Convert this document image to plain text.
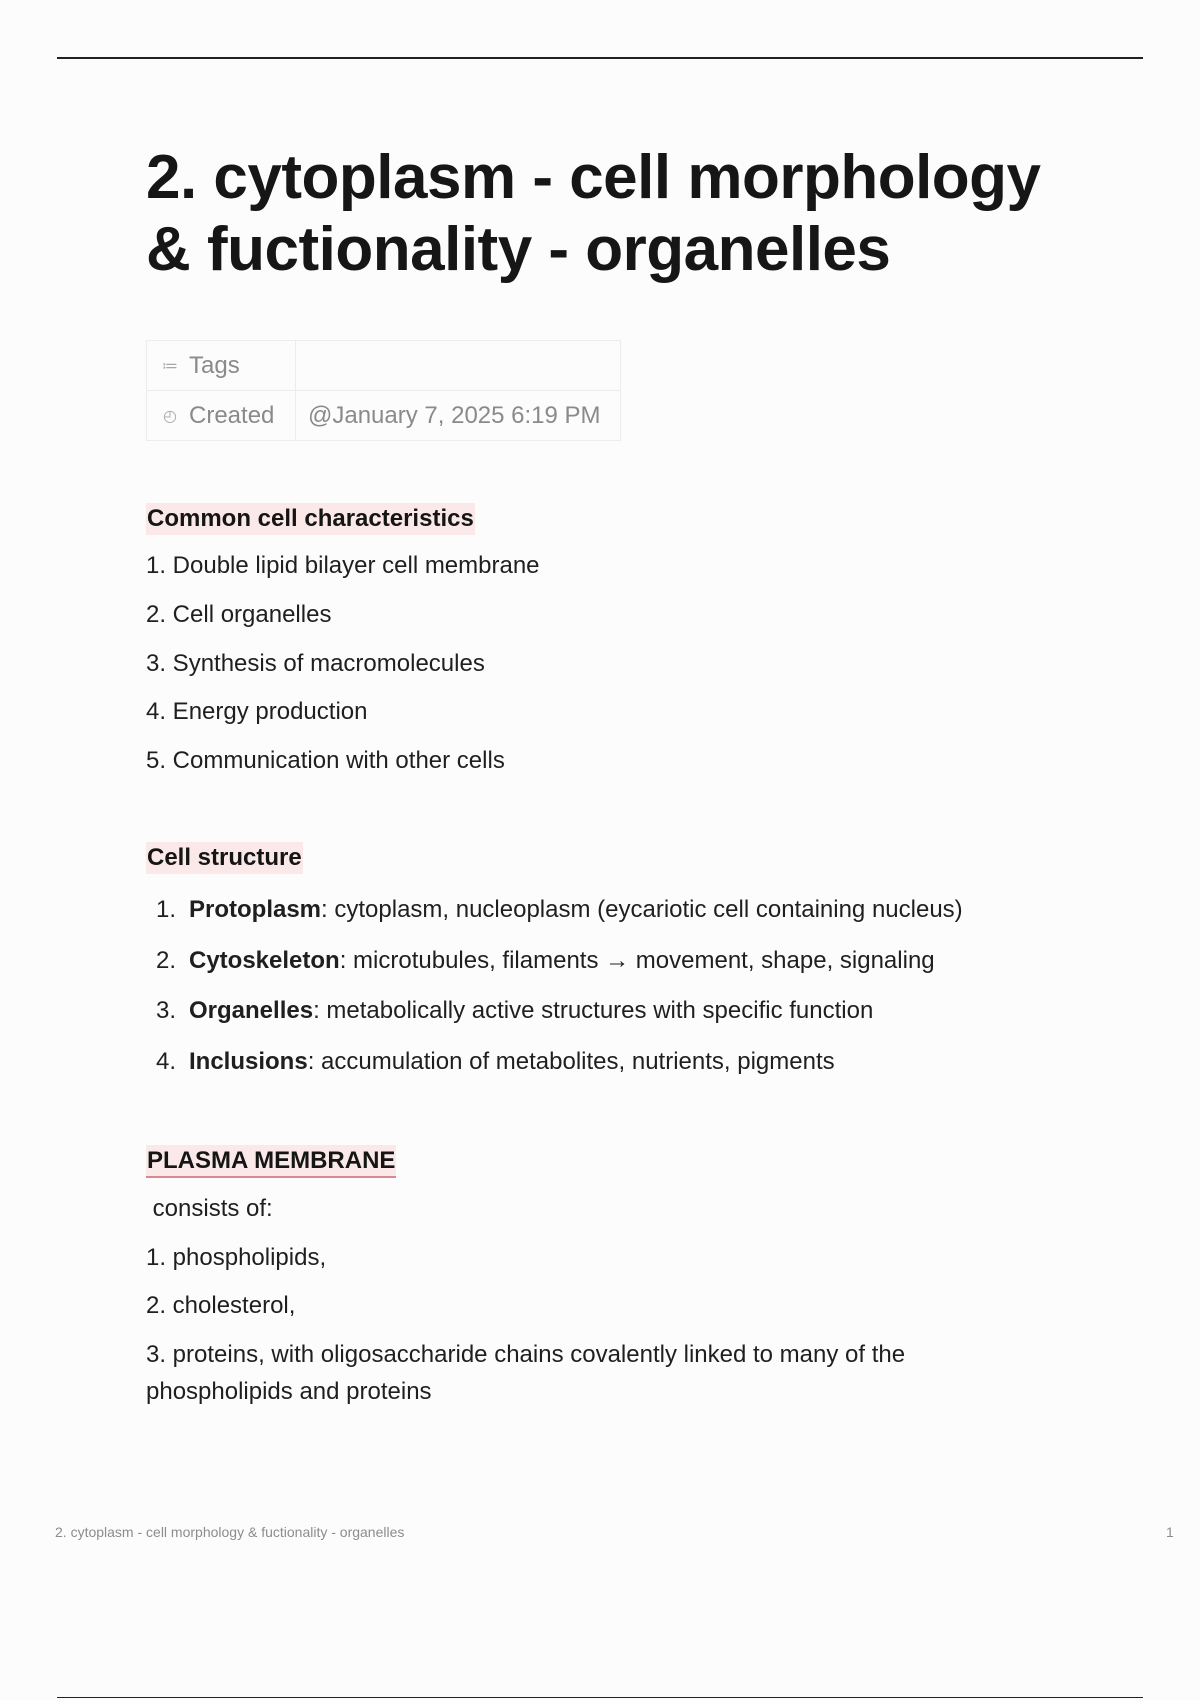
2. cytoplasm - cell morphology & fuctionality - organelles
≔ Tags	
◴ Created	@January 7, 2025 6:19 PM
Common cell characteristics
1. Double lipid bilayer cell membrane
2. Cell organelles
3. Synthesis of macromolecules
4. Energy production
5. Communication with other cells
Cell structure
1. Protoplasm: cytoplasm, nucleoplasm (eycariotic cell containing nucleus)
2. Cytoskeleton: microtubules, filaments → movement, shape, signaling
3. Organelles: metabolically active structures with specific function
4. Inclusions: accumulation of metabolites, nutrients, pigments
PLASMA MEMBRANE
consists of:
1. phospholipids,
2. cholesterol,
3. proteins, with oligosaccharide chains covalently linked to many of the phospholipids and proteins
2. cytoplasm - cell morphology & fuctionality - organelles	1
